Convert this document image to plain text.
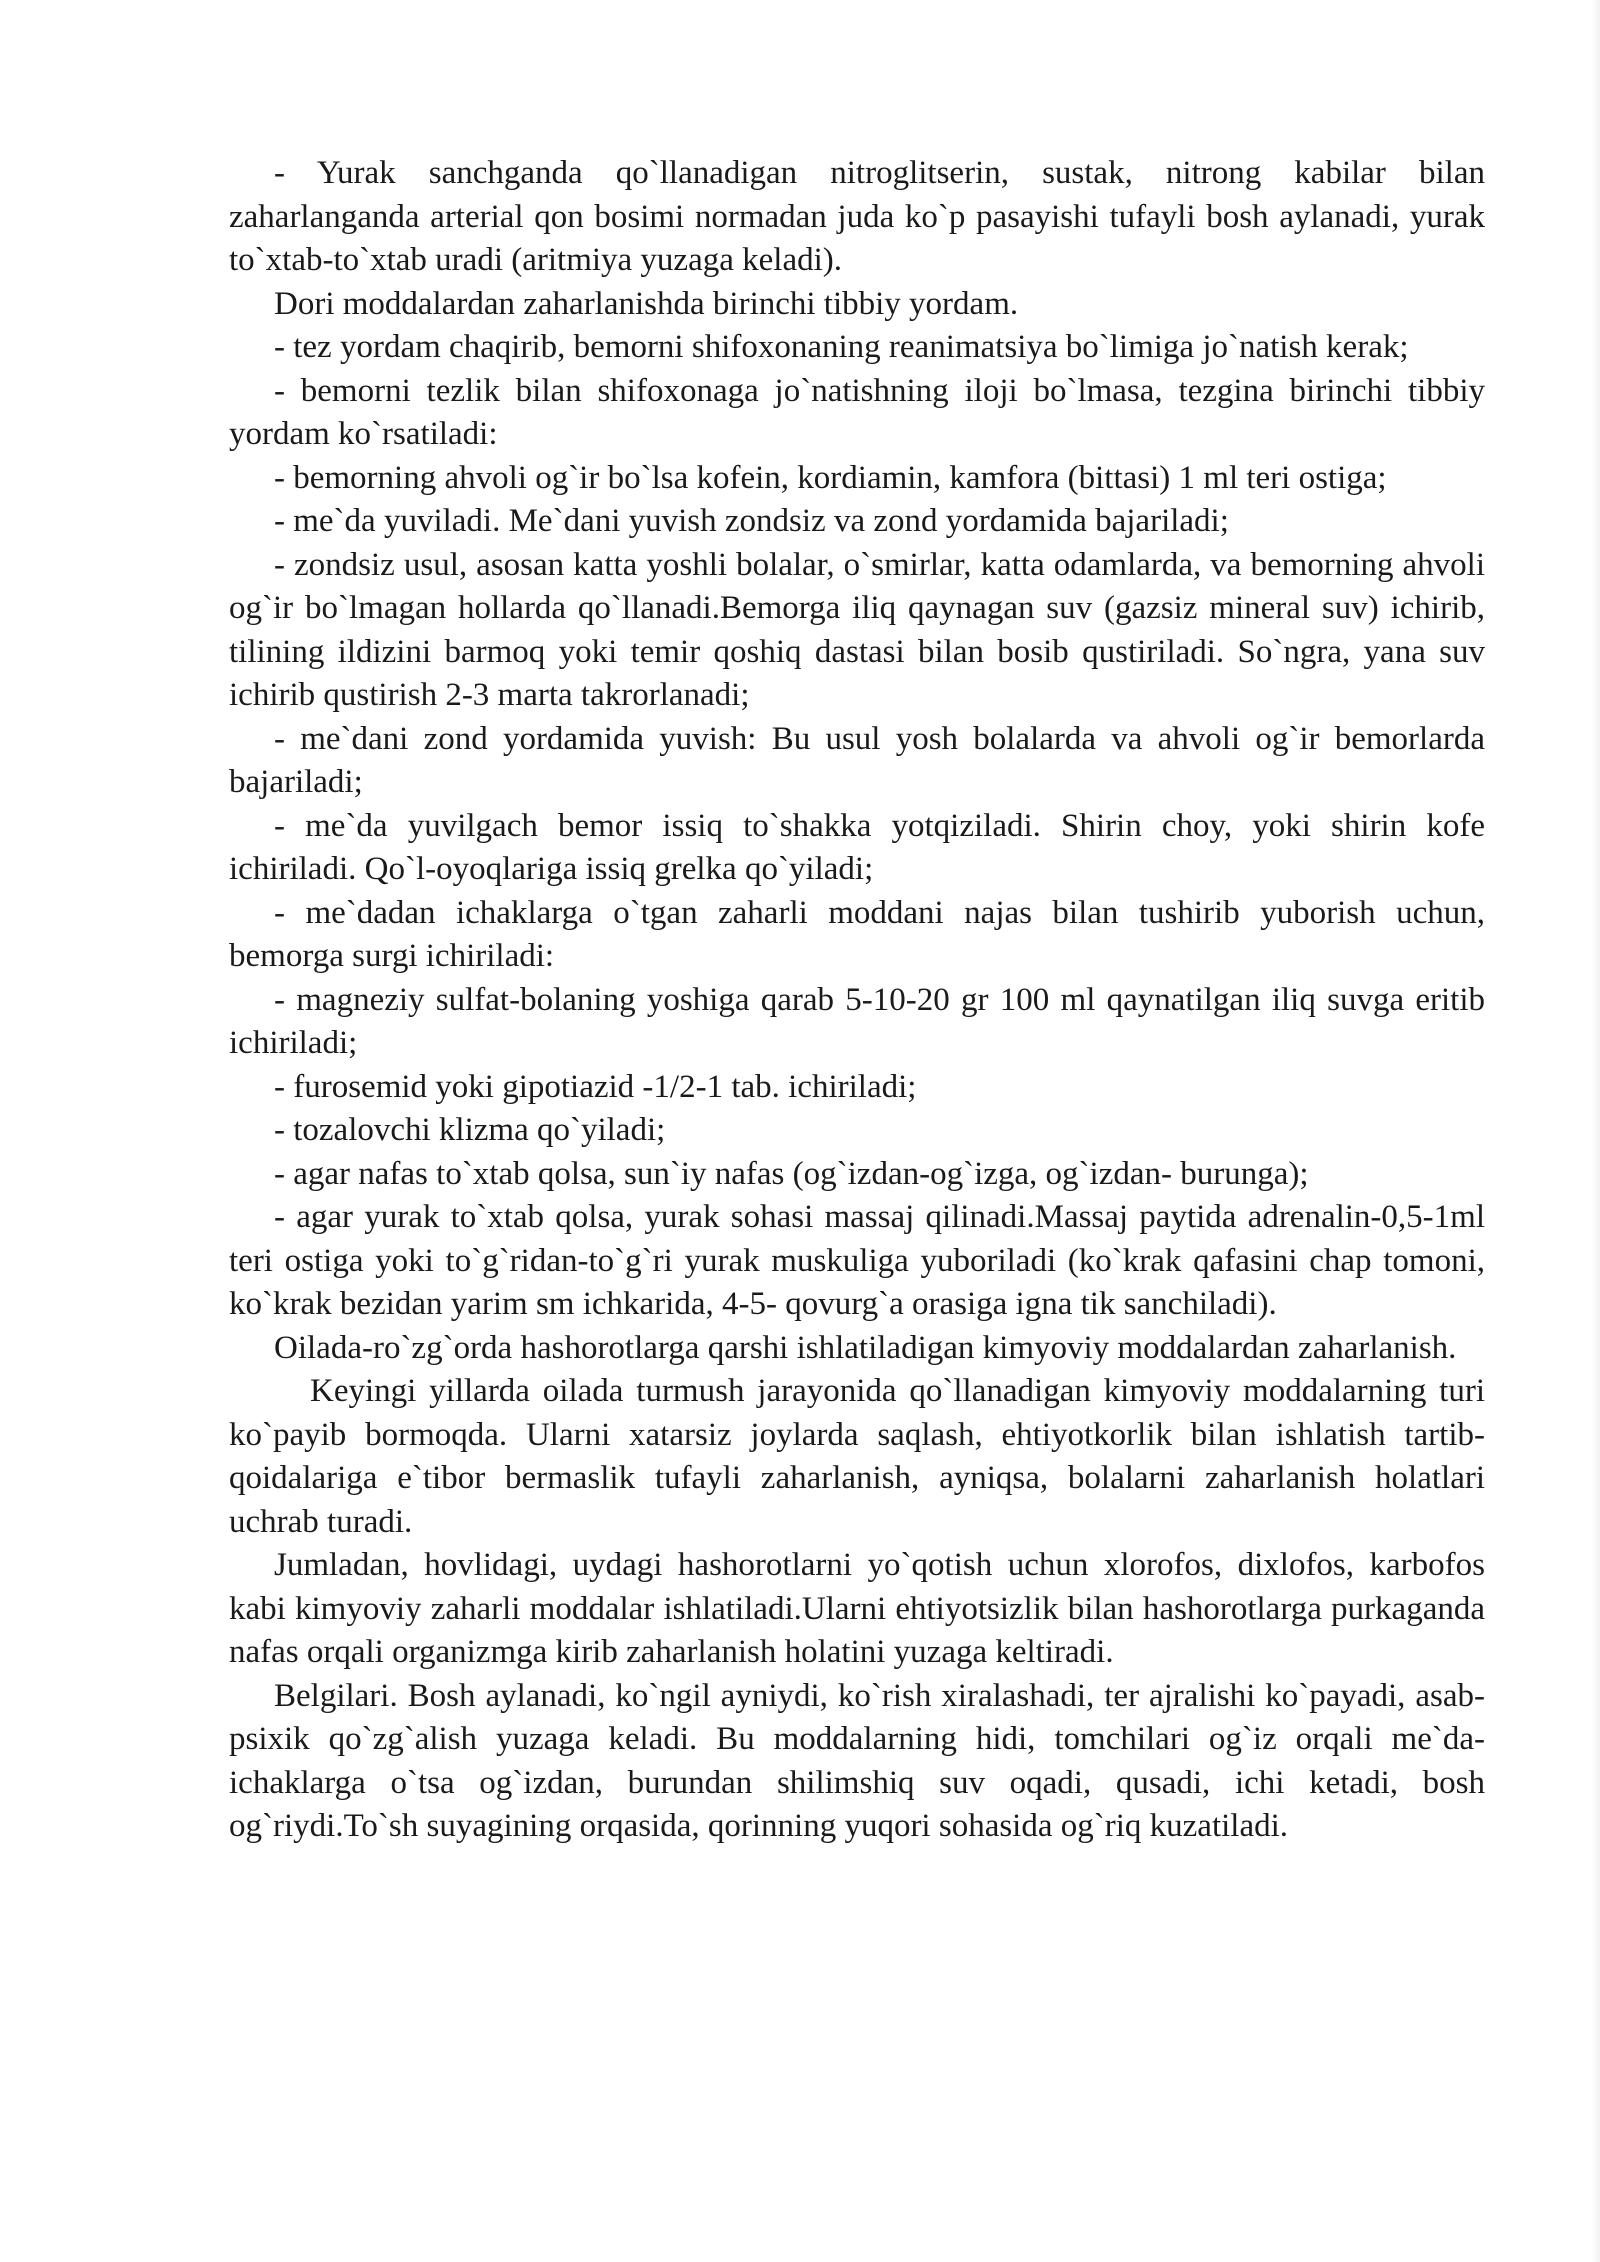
- Yurak sanchganda qo`llanadigan nitroglitserin, sustak, nitrong kabilar bilan zaharlanganda arterial qon bosimi normadan juda ko`p pasayishi tufayli bosh aylanadi, yurak to`xtab-to`xtab uradi (aritmiya yuzaga keladi).

Dori moddalardan zaharlanishda birinchi tibbiy yordam.

- tez yordam chaqirib, bemorni shifoxonaning reanimatsiya bo`limiga jo`natish kerak;

- bemorni tezlik bilan shifoxonaga jo`natishning iloji bo`lmasa, tezgina birinchi tibbiy yordam ko`rsatiladi:

- bemorning ahvoli og`ir bo`lsa kofein, kordiamin, kamfora (bittasi) 1 ml teri ostiga;

- me`da yuviladi. Me`dani yuvish zondsiz va zond yordamida bajariladi;

- zondsiz usul, asosan katta yoshli bolalar, o`smirlar, katta odamlarda, va bemorning ahvoli og`ir bo`lmagan hollarda qo`llanadi.Bemorga iliq qaynagan suv (gazsiz mineral suv) ichirib, tilining ildizini barmoq yoki temir qoshiq dastasi bilan bosib qustiriladi. So`ngra, yana suv ichirib qustirish 2-3 marta takrorlanadi;

- me`dani zond yordamida yuvish: Bu usul yosh bolalarda va ahvoli og`ir bemorlarda bajariladi;

- me`da yuvilgach bemor issiq to`shakka yotqiziladi. Shirin choy, yoki shirin kofe ichiriladi. Qo`l-oyoqlariga issiq grelka qo`yiladi;

- me`dadan ichaklarga o`tgan zaharli moddani najas bilan tushirib yuborish uchun, bemorga surgi ichiriladi:

- magneziy sulfat-bolaning yoshiga qarab 5-10-20 gr 100 ml qaynatilgan iliq suvga eritib ichiriladi;

- furosemid yoki gipotiazid -1/2-1 tab. ichiriladi;

- tozalovchi klizma qo`yiladi;

- agar nafas to`xtab qolsa, sun`iy nafas (og`izdan-og`izga, og`izdan- burunga);

- agar yurak to`xtab qolsa, yurak sohasi massaj qilinadi.Massaj paytida adrenalin-0,5-1ml teri ostiga yoki to`g`ridan-to`g`ri yurak muskuliga yuboriladi (ko`krak qafasini chap tomoni, ko`krak bezidan yarim sm ichkarida, 4-5- qovurg`a orasiga igna tik sanchiladi).

Oilada-ro`zg`orda hashorotlarga qarshi ishlatiladigan kimyoviy moddalardan zaharlanish.

Keyingi yillarda oilada turmush jarayonida qo`llanadigan kimyoviy moddalarning turi ko`payib bormoqda. Ularni xatarsiz joylarda saqlash, ehtiyotkorlik bilan ishlatish tartib-qoidalariga e`tibor bermaslik tufayli zaharlanish, ayniqsa, bolalarni zaharlanish holatlari uchrab turadi.

Jumladan, hovlidagi, uydagi hashorotlarni yo`qotish uchun xlorofos, dixlofos, karbofos kabi kimyoviy zaharli moddalar ishlatiladi.Ularni ehtiyotsizlik bilan hashorotlarga purkaganda nafas orqali organizmga kirib zaharlanish holatini yuzaga keltiradi.

Belgilari. Bosh aylanadi, ko`ngil ayniydi, ko`rish xiralashadi, ter ajralishi ko`payadi, asab-psixik qo`zg`alish yuzaga keladi. Bu moddalarning hidi, tomchilari og`iz orqali me`da-ichaklarga o`tsa og`izdan, burundan shilimshiq suv oqadi, qusadi, ichi ketadi, bosh og`riydi.To`sh suyagining orqasida, qorinning yuqori sohasida og`riq kuzatiladi.
